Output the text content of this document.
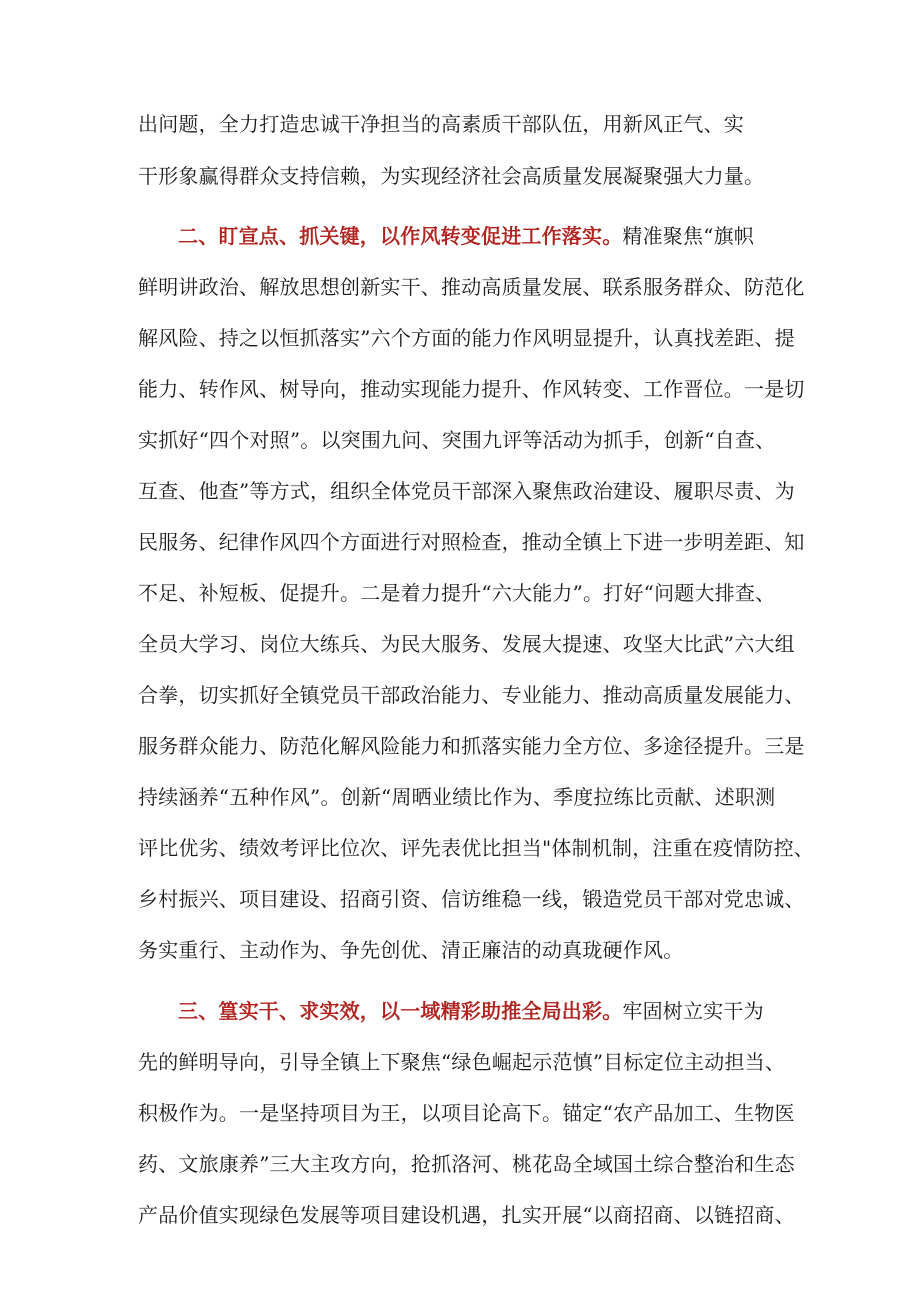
出问题，全力打造忠诚干净担当的高素质干部队伍，用新风正气、实
干形象赢得群众支持信赖，为实现经济社会高质量发展凝聚强大力量。
二、盯宣点、抓关键，以作风转变促进工作落实。精准聚焦“旗帜
鲜明讲政治、解放思想创新实干、推动高质量发展、联系服务群众、防范化
解风险、持之以恒抓落实”六个方面的能力作风明显提升，认真找差距、提
能力、转作风、树导向，推动实现能力提升、作风转变、工作晋位。一是切
实抓好“四个对照”。以突围九问、突围九评等活动为抓手，创新“自查、
互查、他查”等方式，组织全体党员干部深入聚焦政治建设、履职尽责、为
民服务、纪律作风四个方面进行对照检查，推动全镇上下进一步明差距、知
不足、补短板、促提升。二是着力提升“六大能力”。打好“问题大排查、
全员大学习、岗位大练兵、为民大服务、发展大提速、攻坚大比武”六大组
合拳，切实抓好全镇党员干部政治能力、专业能力、推动高质量发展能力、
服务群众能力、防范化解风险能力和抓落实能力全方位、多途径提升。三是
持续涵养“五种作风”。创新“周晒业绩比作为、季度拉练比贡献、述职测
评比优劣、绩效考评比位次、评先表优比担当"体制机制，注重在疫情防控、
乡村振兴、项目建设、招商引资、信访维稳一线，锻造党员干部对党忠诚、
务实重行、主动作为、争先创优、清正廉洁的动真珑硬作风。
三、篁实干、求实效，以一域精彩助推全局出彩。牢固树立实干为
先的鲜明导向，引导全镇上下聚焦“绿色崛起示范慎”目标定位主动担当、
积极作为。一是坚持项目为王，以项目论高下。锚定“农产品加工、生物医
药、文旅康养”三大主攻方向，抢抓洛河、桃花岛全域国土综合整治和生态
产品价值实现绿色发展等项目建设机遇，扎实开展“以商招商、以链招商、
